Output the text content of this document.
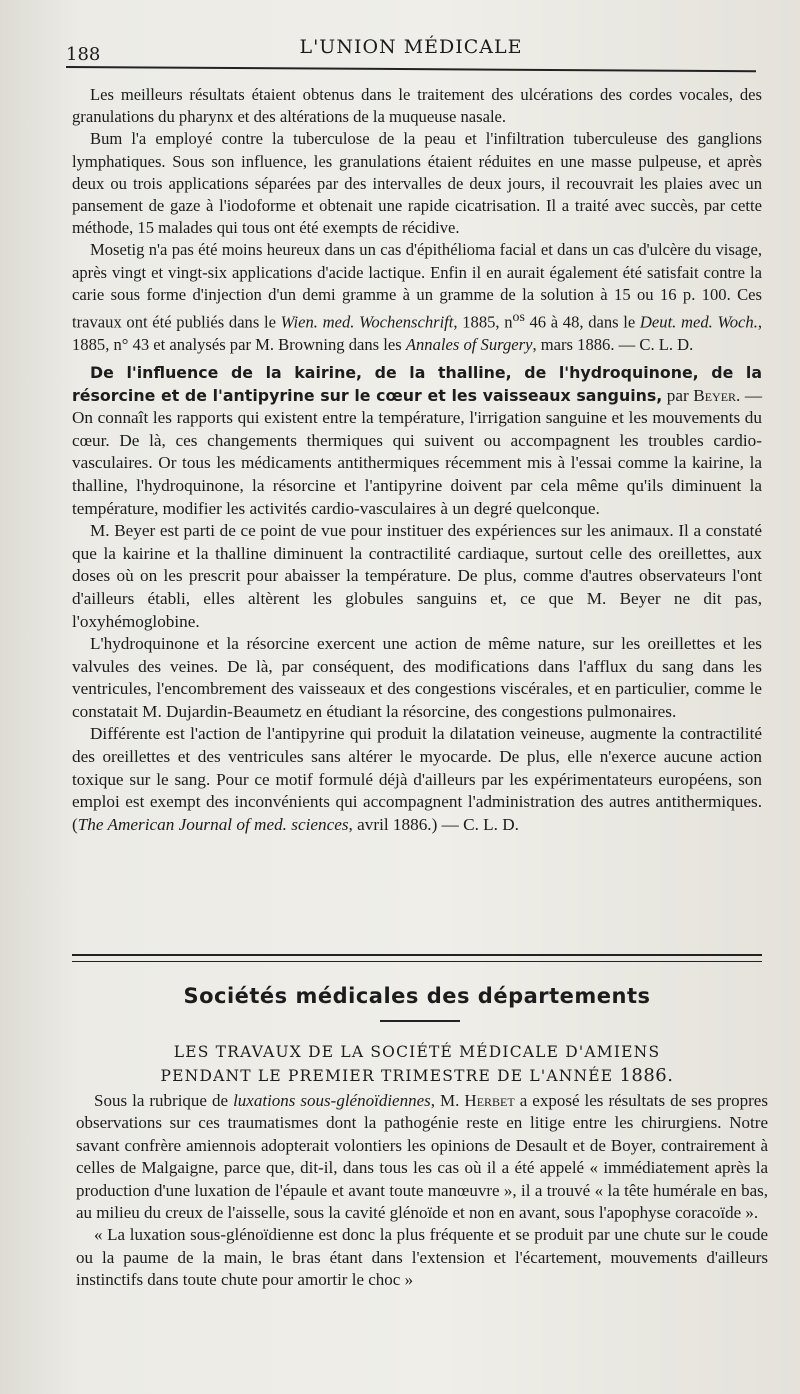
188	L'UNION MÉDICALE

Les meilleurs résultats étaient obtenus dans le traitement des ulcérations des cordes vocales, des granulations du pharynx et des altérations de la muqueuse nasale.

Bum l'a employé contre la tuberculose de la peau et l'infiltration tuberculeuse des ganglions lymphatiques. Sous son influence, les granulations étaient réduites en une masse pulpeuse, et après deux ou trois applications séparées par des intervalles de deux jours, il recouvrait les plaies avec un pansement de gaze à l'iodoforme et obtenait une rapide cicatrisation. Il a traité avec succès, par cette méthode, 15 malades qui tous ont été exempts de récidive.

Mosetig n'a pas été moins heureux dans un cas d'épithélioma facial et dans un cas d'ulcère du visage, après vingt et vingt-six applications d'acide lactique. Enfin il en aurait également été satisfait contre la carie sous forme d'injection d'un demi gramme à un gramme de la solution à 15 ou 16 p. 100. Ces travaux ont été publiés dans le Wien. med. Wochenschrift, 1885, $n^{os}$ 46 à 48, dans le Deut. med. Woch., 1885, n° 43 et analysés par M. Browning dans les Annales of Surgery, mars 1886. — C. L. D.

De l'influence de la kairine, de la thalline, de l'hydroquinone, de la résorcine et de l'antipyrine sur le cœur et les vaisseaux sanguins, par Beyer. — On connaît les rapports qui existent entre la température, l'irrigation sanguine et les mouvements du cœur. De là, ces changements thermiques qui suivent ou accompagnent les troubles cardio-vasculaires. Or tous les médicaments antithermiques récemment mis à l'essai comme la kairine, la thalline, l'hydroquinone, la résorcine et l'antipyrine doivent par cela même qu'ils diminuent la température, modifier les activités cardio-vasculaires à un degré quelconque.

M. Beyer est parti de ce point de vue pour instituer des expériences sur les animaux. Il a constaté que la kairine et la thalline diminuent la contractilité cardiaque, surtout celle des oreillettes, aux doses où on les prescrit pour abaisser la température. De plus, comme d'autres observateurs l'ont d'ailleurs établi, elles altèrent les globules sanguins et, ce que M. Beyer ne dit pas, l'oxyhémoglobine.

L'hydroquinone et la résorcine exercent une action de même nature, sur les oreillettes et les valvules des veines. De là, par conséquent, des modifications dans l'afflux du sang dans les ventricules, l'encombrement des vaisseaux et des congestions viscérales, et en particulier, comme le constatait M. Dujardin-Beaumetz en étudiant la résorcine, des congestions pulmonaires.

Différente est l'action de l'antipyrine qui produit la dilatation veineuse, augmente la contractilité des oreillettes et des ventricules sans altérer le myocarde. De plus, elle n'exerce aucune action toxique sur le sang. Pour ce motif formulé déjà d'ailleurs par les expérimentateurs européens, son emploi est exempt des inconvénients qui accompagnent l'administration des autres antithermiques. (The American Journal of med. sciences, avril 1886.) — C. L. D.

Sociétés médicales des départements
LES TRAVAUX DE LA SOCIÉTÉ MÉDICALE D'AMIENS
PENDANT LE PREMIER TRIMESTRE DE L'ANNÉE 1886.

Sous la rubrique de luxations sous-glénoïdiennes, M. Herbet a exposé les résultats de ses propres observations sur ces traumatismes dont la pathogénie reste en litige entre les chirurgiens. Notre savant confrère amiennois adopterait volontiers les opinions de Desault et de Boyer, contrairement à celles de Malgaigne, parce que, dit-il, dans tous les cas où il a été appelé « immédiatement après la production d'une luxation de l'épaule et avant toute manœuvre », il a trouvé « la tête humérale en bas, au milieu du creux de l'aisselle, sous la cavité glénoïde et non en avant, sous l'apophyse coracoïde ».

« La luxation sous-glénoïdienne est donc la plus fréquente et se produit par une chute sur le coude ou la paume de la main, le bras étant dans l'extension et l'écartement, mouvements d'ailleurs instinctifs dans toute chute pour amortir le choc »
